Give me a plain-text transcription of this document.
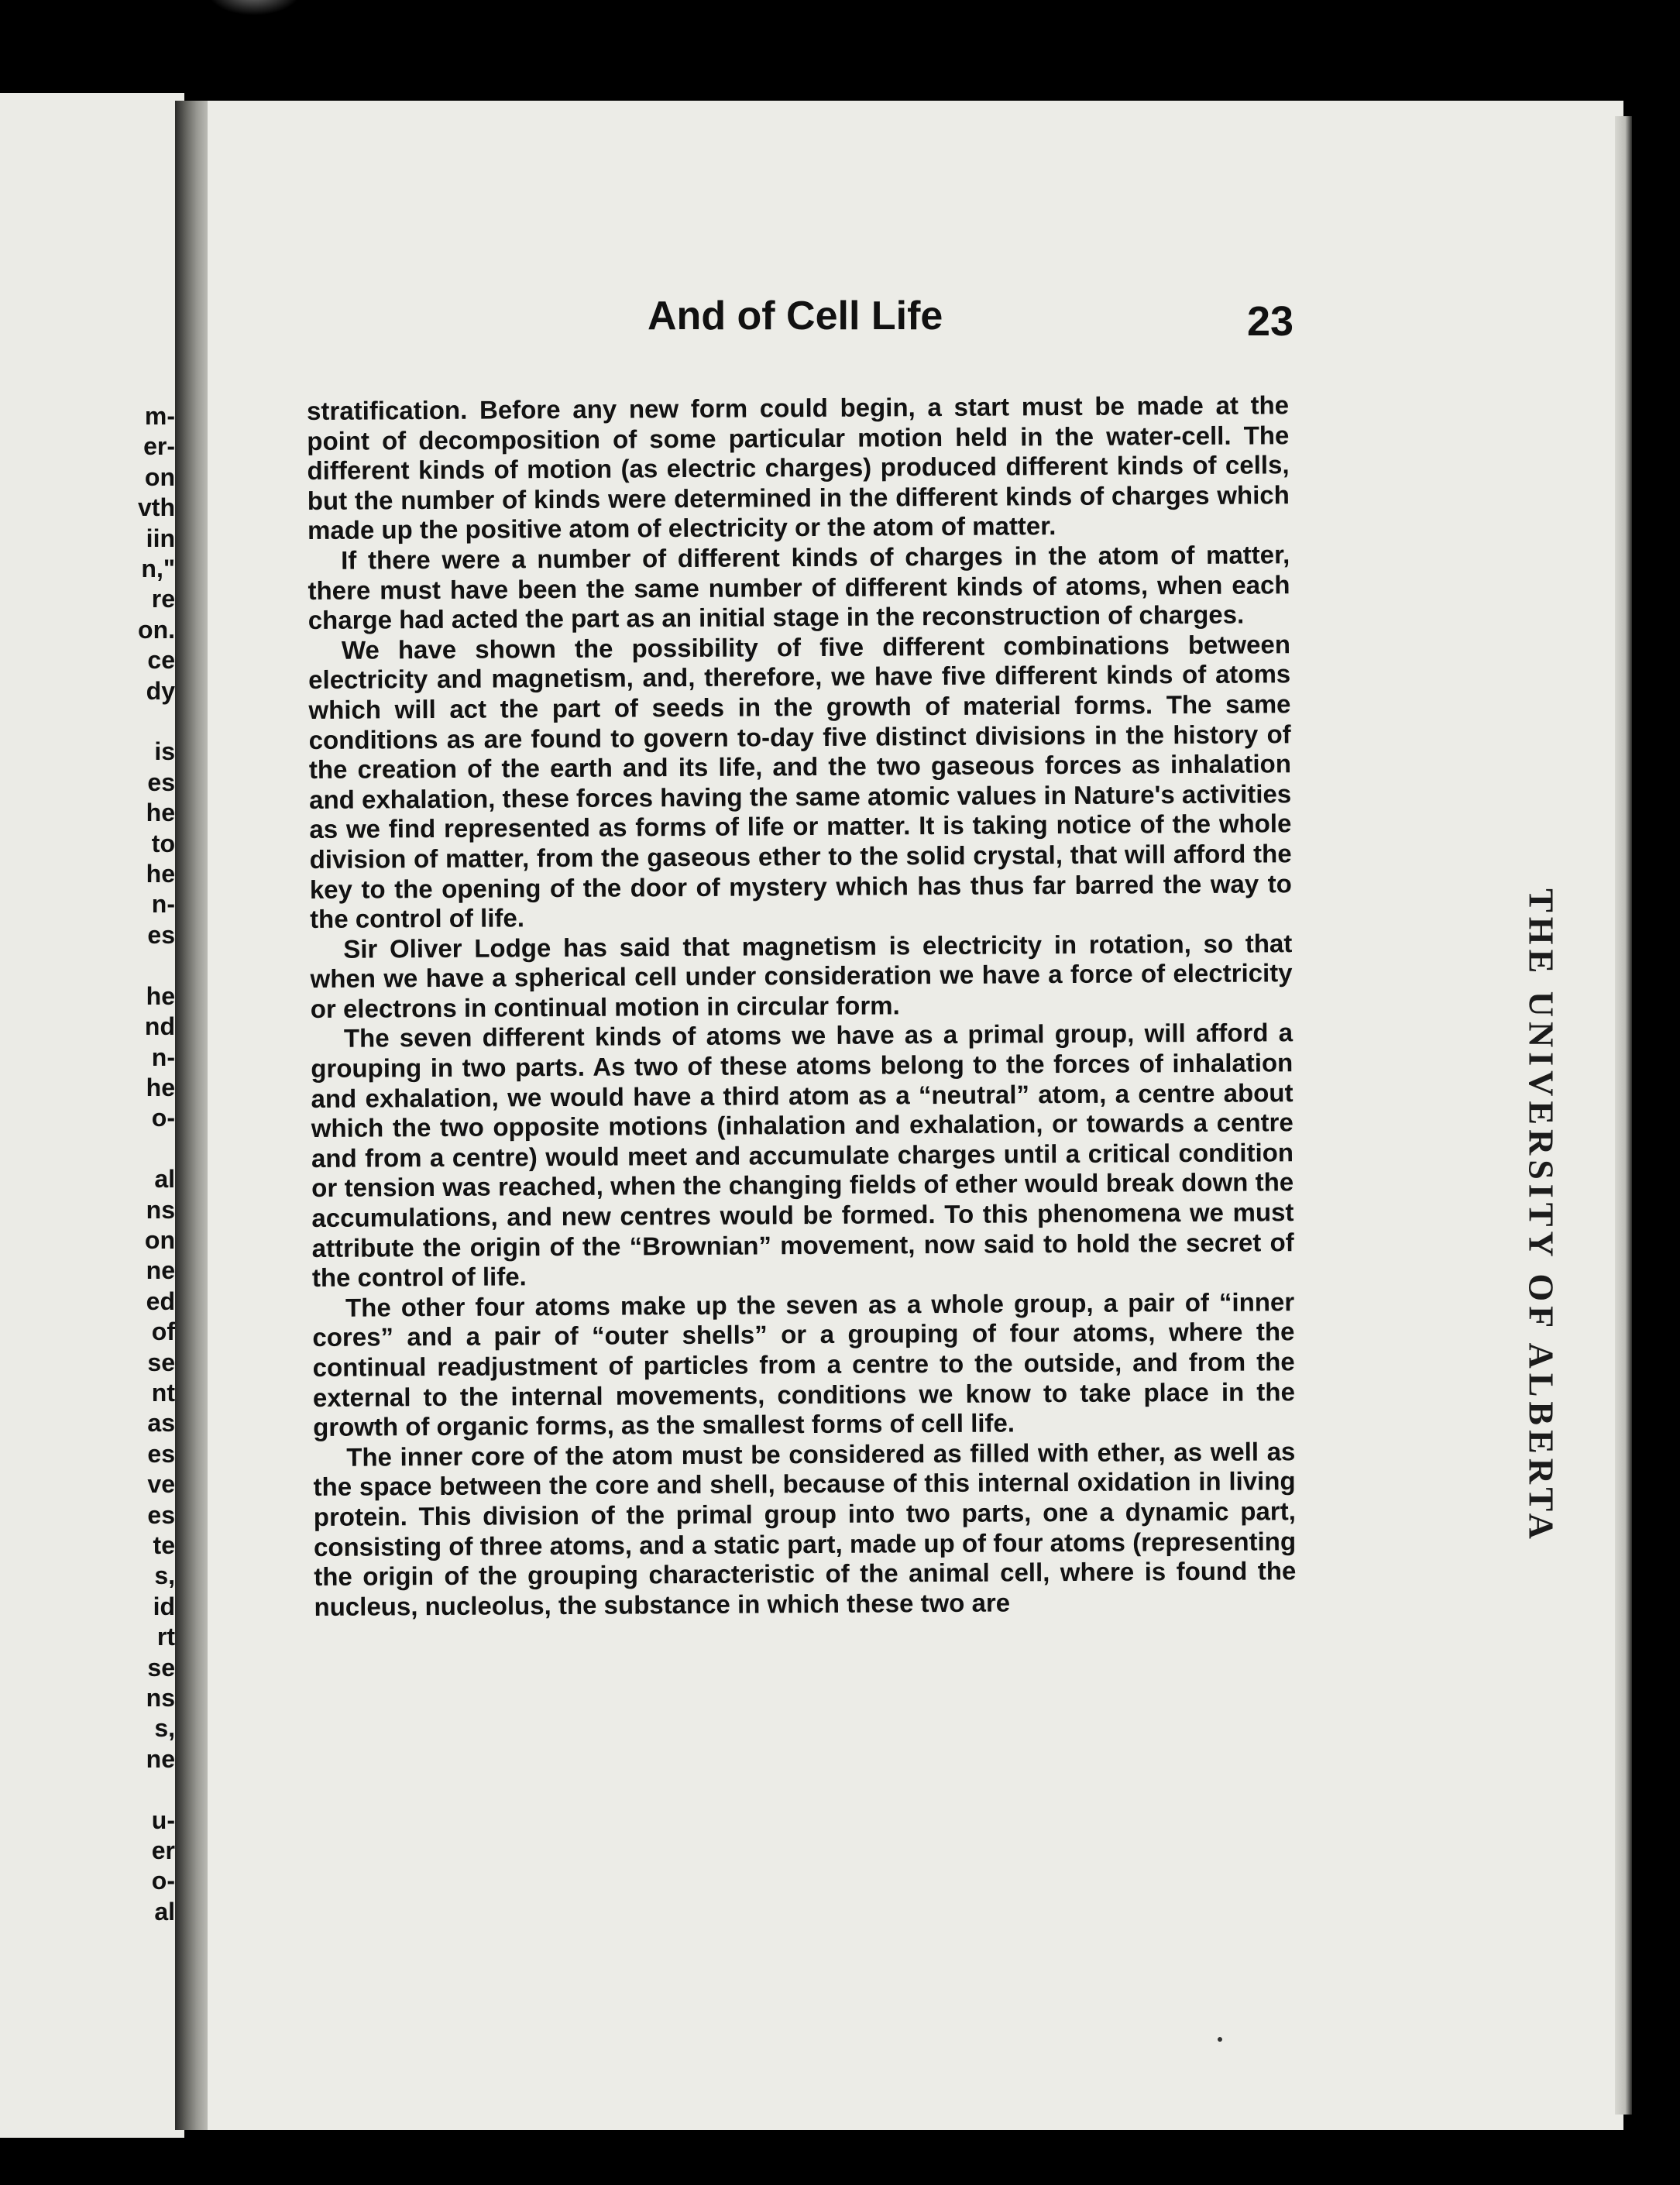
m-
er-
on
vth
iin
n,"
re
on.
ce
dy
is
es
he
to
he
n-
es
he
nd
n-
he
o-
al
ns
on
ne
ed
of
se
nt
as
es
ve
es
te
s,
id
rt
se
ns
s,
ne
u-
er
o-
al
And of Cell Life	23

stratification. Before any new form could begin, a start must be made at the point of decomposition of some particular motion held in the water-cell. The different kinds of motion (as electric charges) produced different kinds of cells, but the number of kinds were determined in the different kinds of charges which made up the positive atom of electricity or the atom of matter.

If there were a number of different kinds of charges in the atom of matter, there must have been the same number of different kinds of atoms, when each charge had acted the part as an initial stage in the reconstruction of charges.

We have shown the possibility of five different combinations between electricity and magnetism, and, therefore, we have five different kinds of atoms which will act the part of seeds in the growth of material forms. The same conditions as are found to govern to-day five distinct divisions in the history of the creation of the earth and its life, and the two gaseous forces as inhalation and exhalation, these forces having the same atomic values in Nature's activities as we find represented as forms of life or matter. It is taking notice of the whole division of matter, from the gaseous ether to the solid crystal, that will afford the key to the opening of the door of mystery which has thus far barred the way to the control of life.

Sir Oliver Lodge has said that magnetism is electricity in rotation, so that when we have a spherical cell under consideration we have a force of electricity or electrons in continual motion in circular form.

The seven different kinds of atoms we have as a primal group, will afford a grouping in two parts. As two of these atoms belong to the forces of inhalation and exhalation, we would have a third atom as a “neutral” atom, a centre about which the two opposite motions (inhalation and exhalation, or towards a centre and from a centre) would meet and accumulate charges until a critical condition or tension was reached, when the changing fields of ether would break down the accumulations, and new centres would be formed. To this phenomena we must attribute the origin of the “Brownian” movement, now said to hold the secret of the control of life.

The other four atoms make up the seven as a whole group, a pair of “inner cores” and a pair of “outer shells” or a grouping of four atoms, where the continual readjustment of particles from a centre to the outside, and from the external to the internal movements, conditions we know to take place in the growth of organic forms, as the smallest forms of cell life.

The inner core of the atom must be considered as filled with ether, as well as the space between the core and shell, because of this internal oxidation in living protein. This division of the primal group into two parts, one a dynamic part, consisting of three atoms, and a static part, made up of four atoms (representing the origin of the grouping characteristic of the animal cell, where is found the nucleus, nucleolus, the substance in which these two are

THE UNIVERSITY OF ALBERTA
